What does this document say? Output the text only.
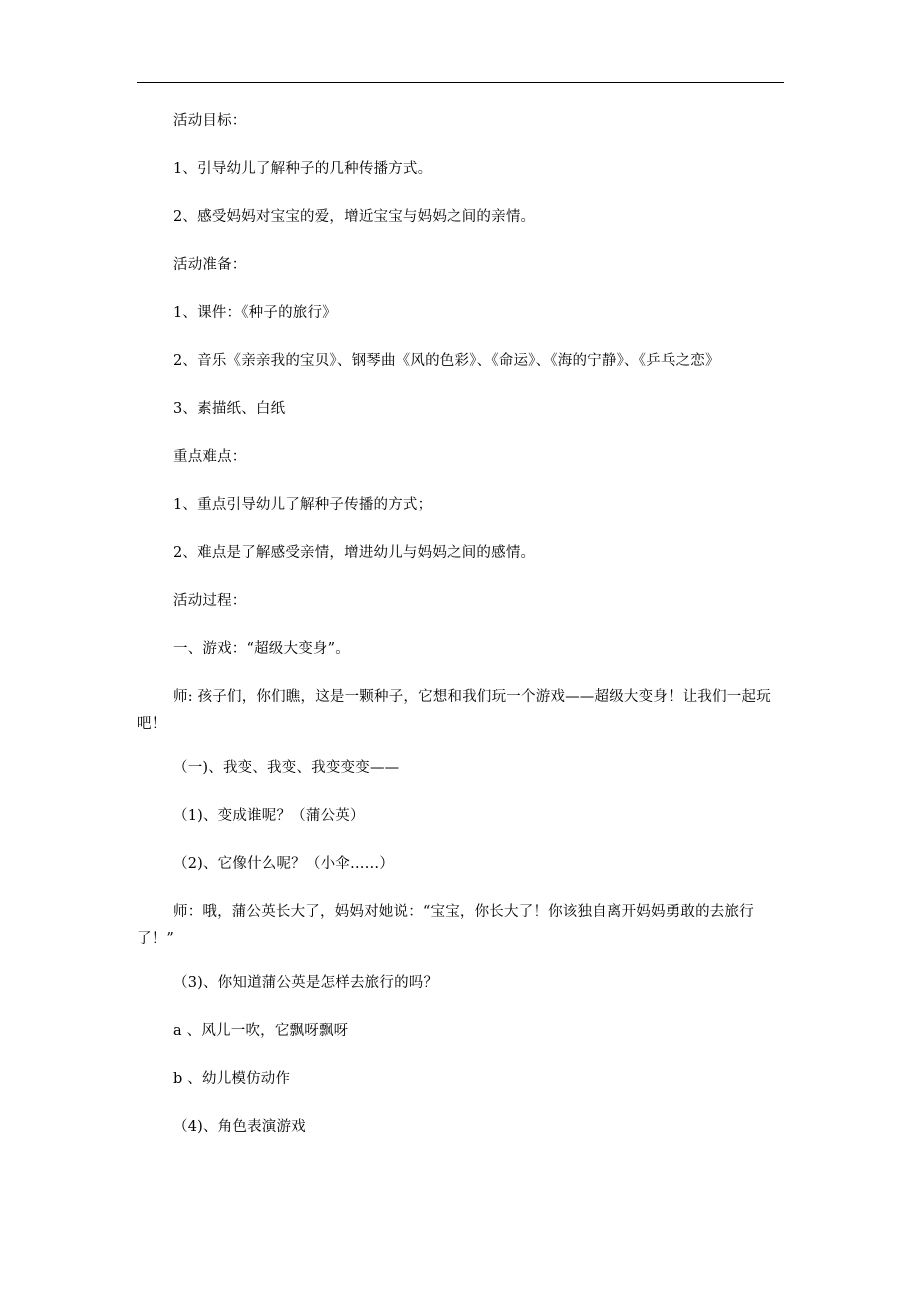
活动目标：

1、引导幼儿了解种子的几种传播方式。

2、感受妈妈对宝宝的爱，增近宝宝与妈妈之间的亲情。

活动准备：

1、课件：《种子的旅行》

2、音乐《亲亲我的宝贝》、钢琴曲《风的色彩》、《命运》、《海的宁静》、《乒乓之恋》

3、素描纸、白纸

重点难点：

1、重点引导幼儿了解种子传播的方式；

2、难点是了解感受亲情，增进幼儿与妈妈之间的感情。

活动过程：

一、游戏：“超级大变身”。

师: 孩子们，你们瞧，这是一颗种子，它想和我们玩一个游戏——超级大变身！让我们一起玩吧！

（一)、我变、我变、我变变变——

（1)、变成谁呢？（蒲公英）

（2)、它像什么呢？（小伞……）

师：哦，蒲公英长大了，妈妈对她说：“宝宝，你长大了！你该独自离开妈妈勇敢的去旅行了！”

（3)、你知道蒲公英是怎样去旅行的吗？

a 、风儿一吹，它飘呀飘呀

b 、幼儿模仿动作

（4)、角色表演游戏
